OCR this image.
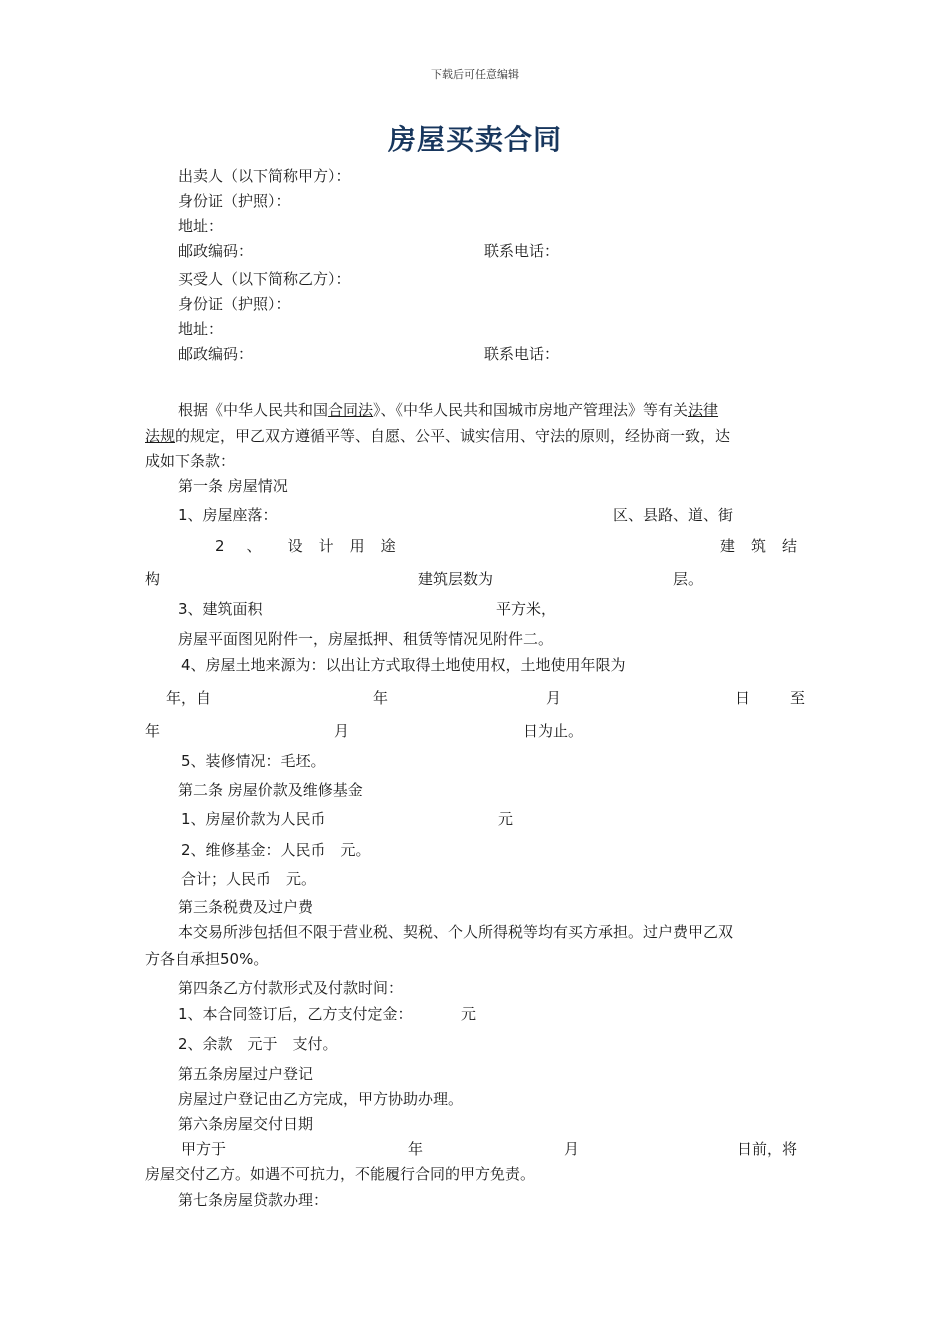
下载后可任意编辑
房屋买卖合同
出卖人（以下简称甲方）：
身份证（护照）：
地址：
邮政编码：	联系电话：
买受人（以下简称乙方）：
身份证（护照）：
地址：
邮政编码：	联系电话：
根据《中华人民共和国 合同法 》、《中华人民共和国城市房地产管理法》等有关 法律
法规 的规定，甲乙双方遵循平等、自愿、公平、诚实信用、守法的原则，经协商一致，达
成如下条款：
第一条 房屋情况
1、房屋座落：	区、县路、道、街
2 、 设 计 用 途	建 筑 结
构	建筑层数为	层。
3、建筑面积	平方米，
房屋平面图见附件一，房屋抵押、租赁等情况见附件二。
4、房屋土地来源为：以出让方式取得土地使用权，土地使用年限为
年，自	年	月	日	至
年	月	日为止。
5、装修情况：毛坯。
第二条 房屋价款及维修基金
1、房屋价款为人民币	元
2、维修基金：人民币　元。
合计；人民币　元。
第三条税费及过户费
本交易所涉包括但不限于营业税、契税、个人所得税等均有买方承担。过户费甲乙双
方各自承担50%。
第四条乙方付款形式及付款时间：
1、本合同签订后，乙方支付定金：	元
2、余款　元于　支付。
第五条房屋过户登记
房屋过户登记由乙方完成，甲方协助办理。
第六条房屋交付日期
甲方于	年	月	日前，将
房屋交付乙方。如遇不可抗力，不能履行合同的甲方免责。
第七条房屋贷款办理：
